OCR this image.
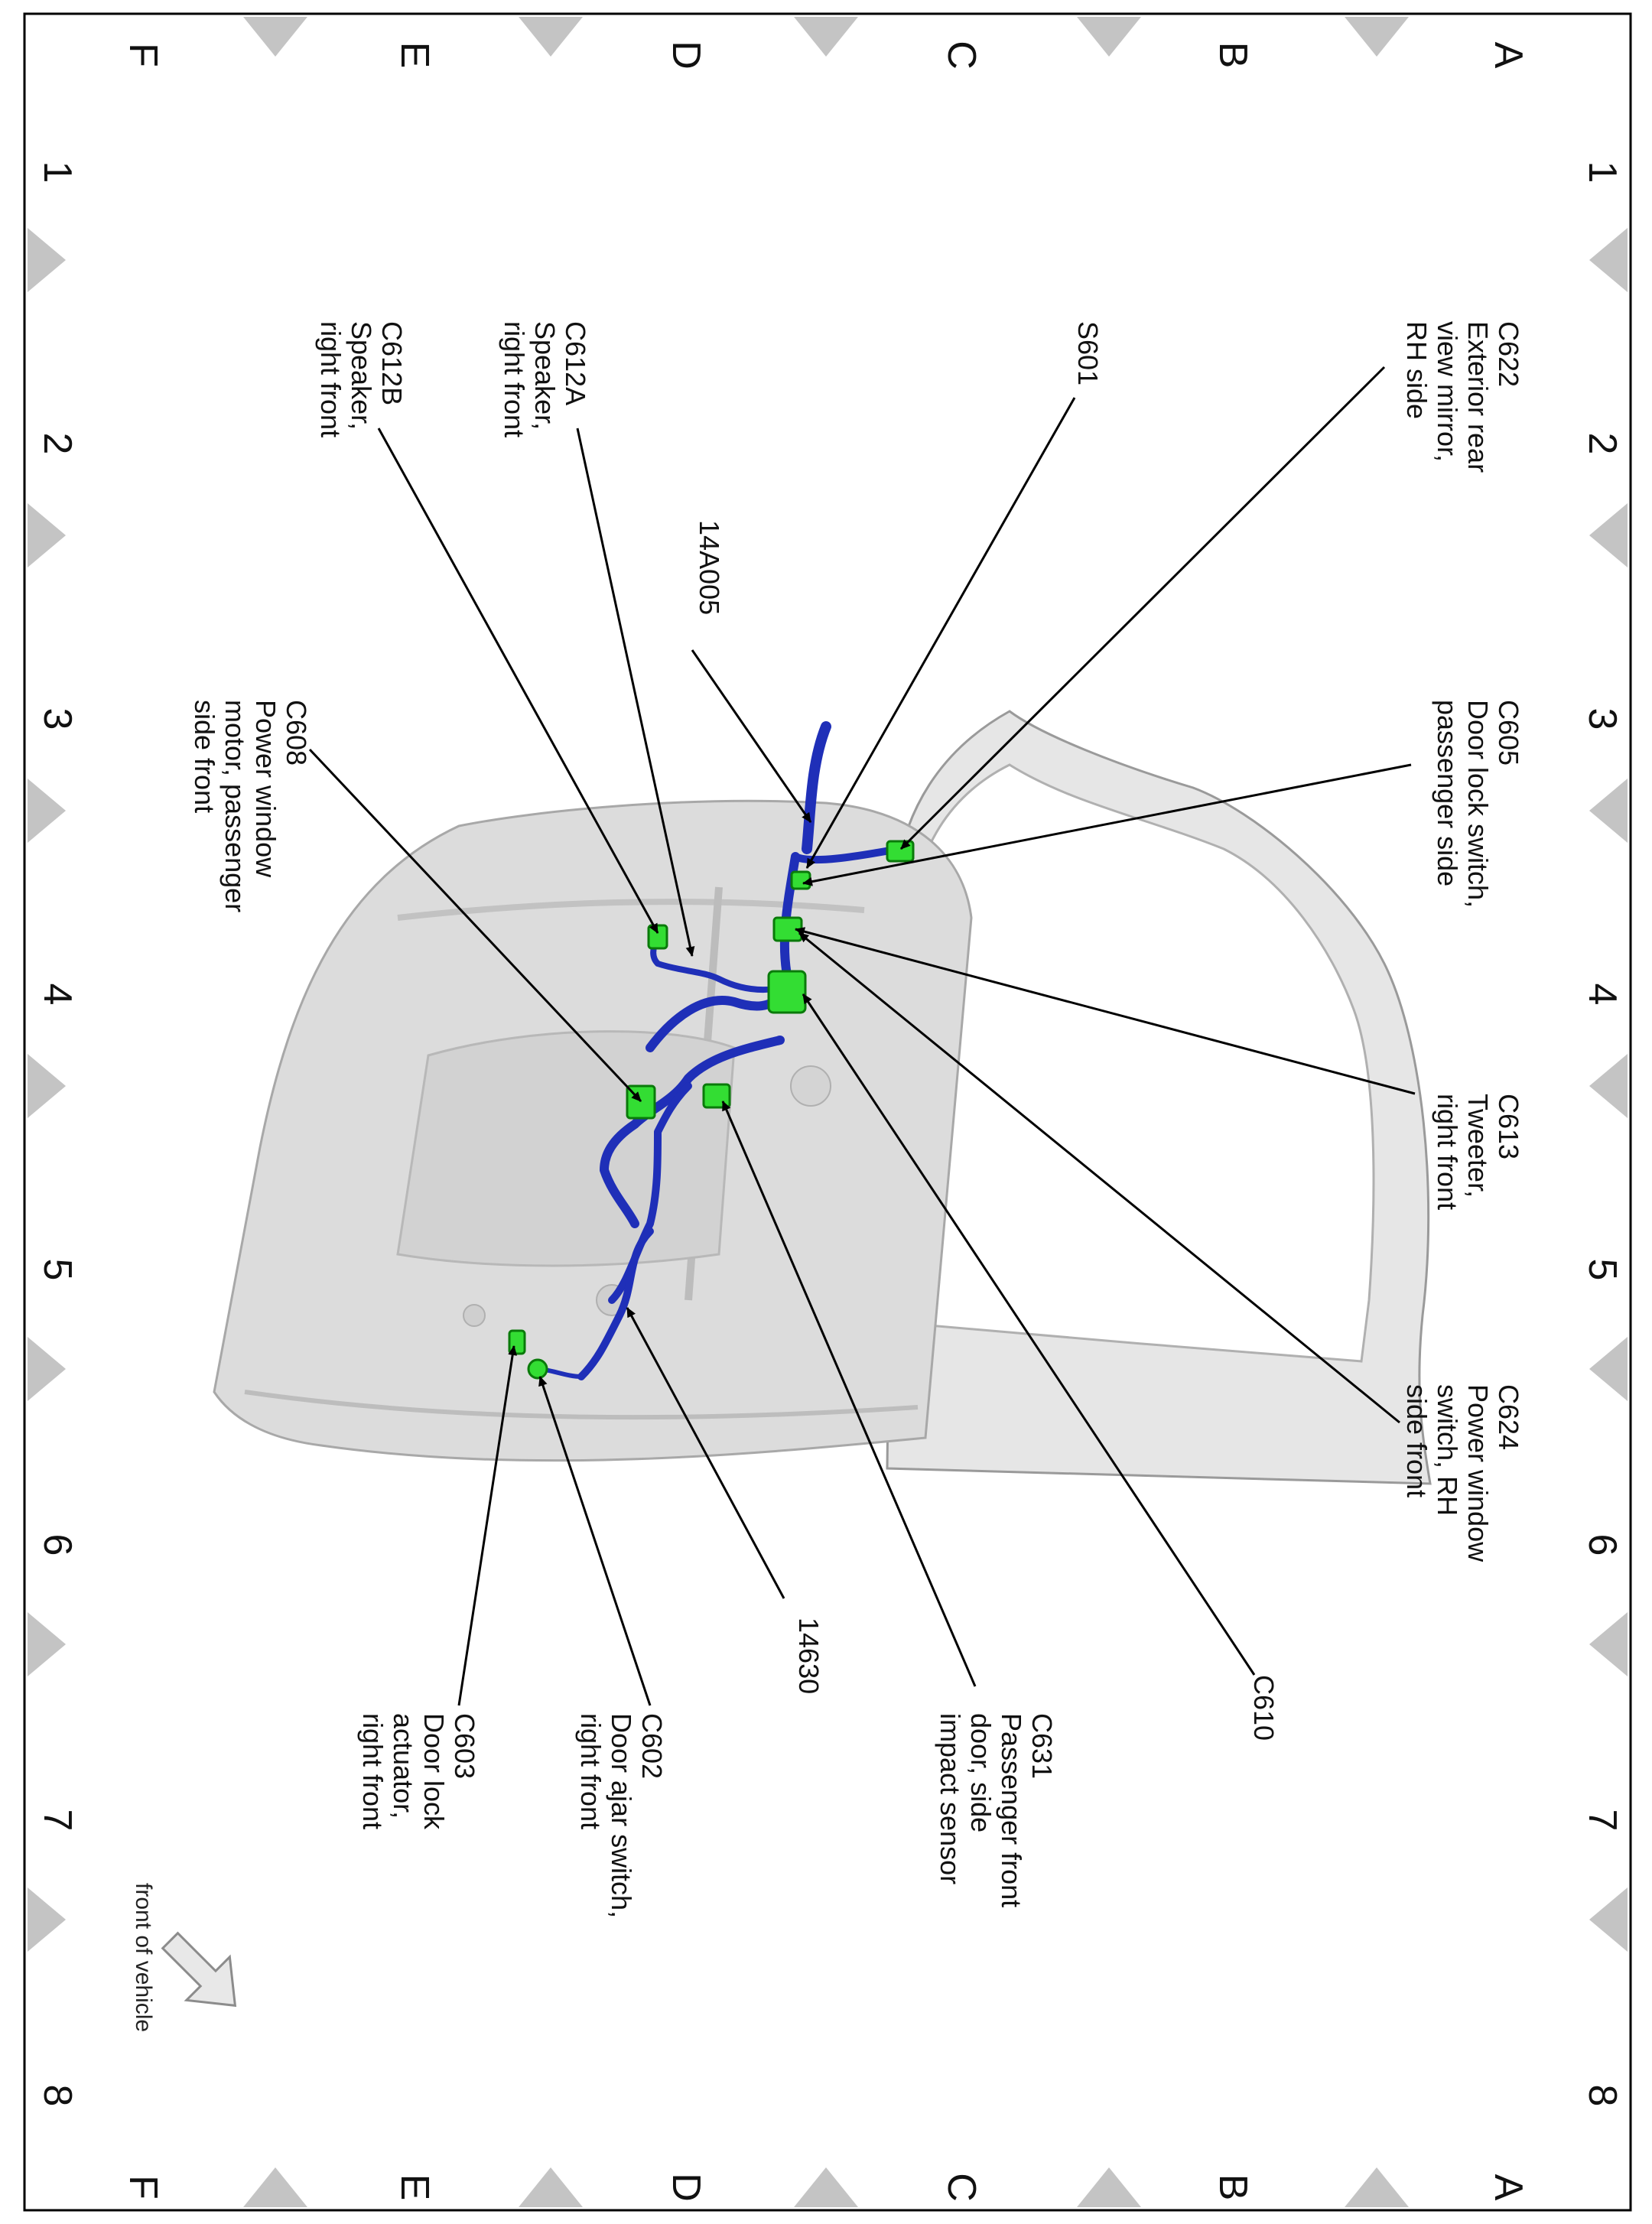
A
A
B
B
C
C
D
D
E
E
F
F
1
1
2
2
3
3
4
4
5
5
6
6
7
7
8
8
C622Exterior rearview mirror,RH side
S601
C612ASpeaker,right front
C612BSpeaker,right front
14A005
C605Door lock switch,passenger side
C608Power windowmotor, passengerside front
C613Tweeter,right front
C624Power windowswitch, RHside front
C610
C631Passenger frontdoor, sideimpact sensor
14630
C602Door ajar switch,right front
C603Door lockactuator,right front
front of vehicle
